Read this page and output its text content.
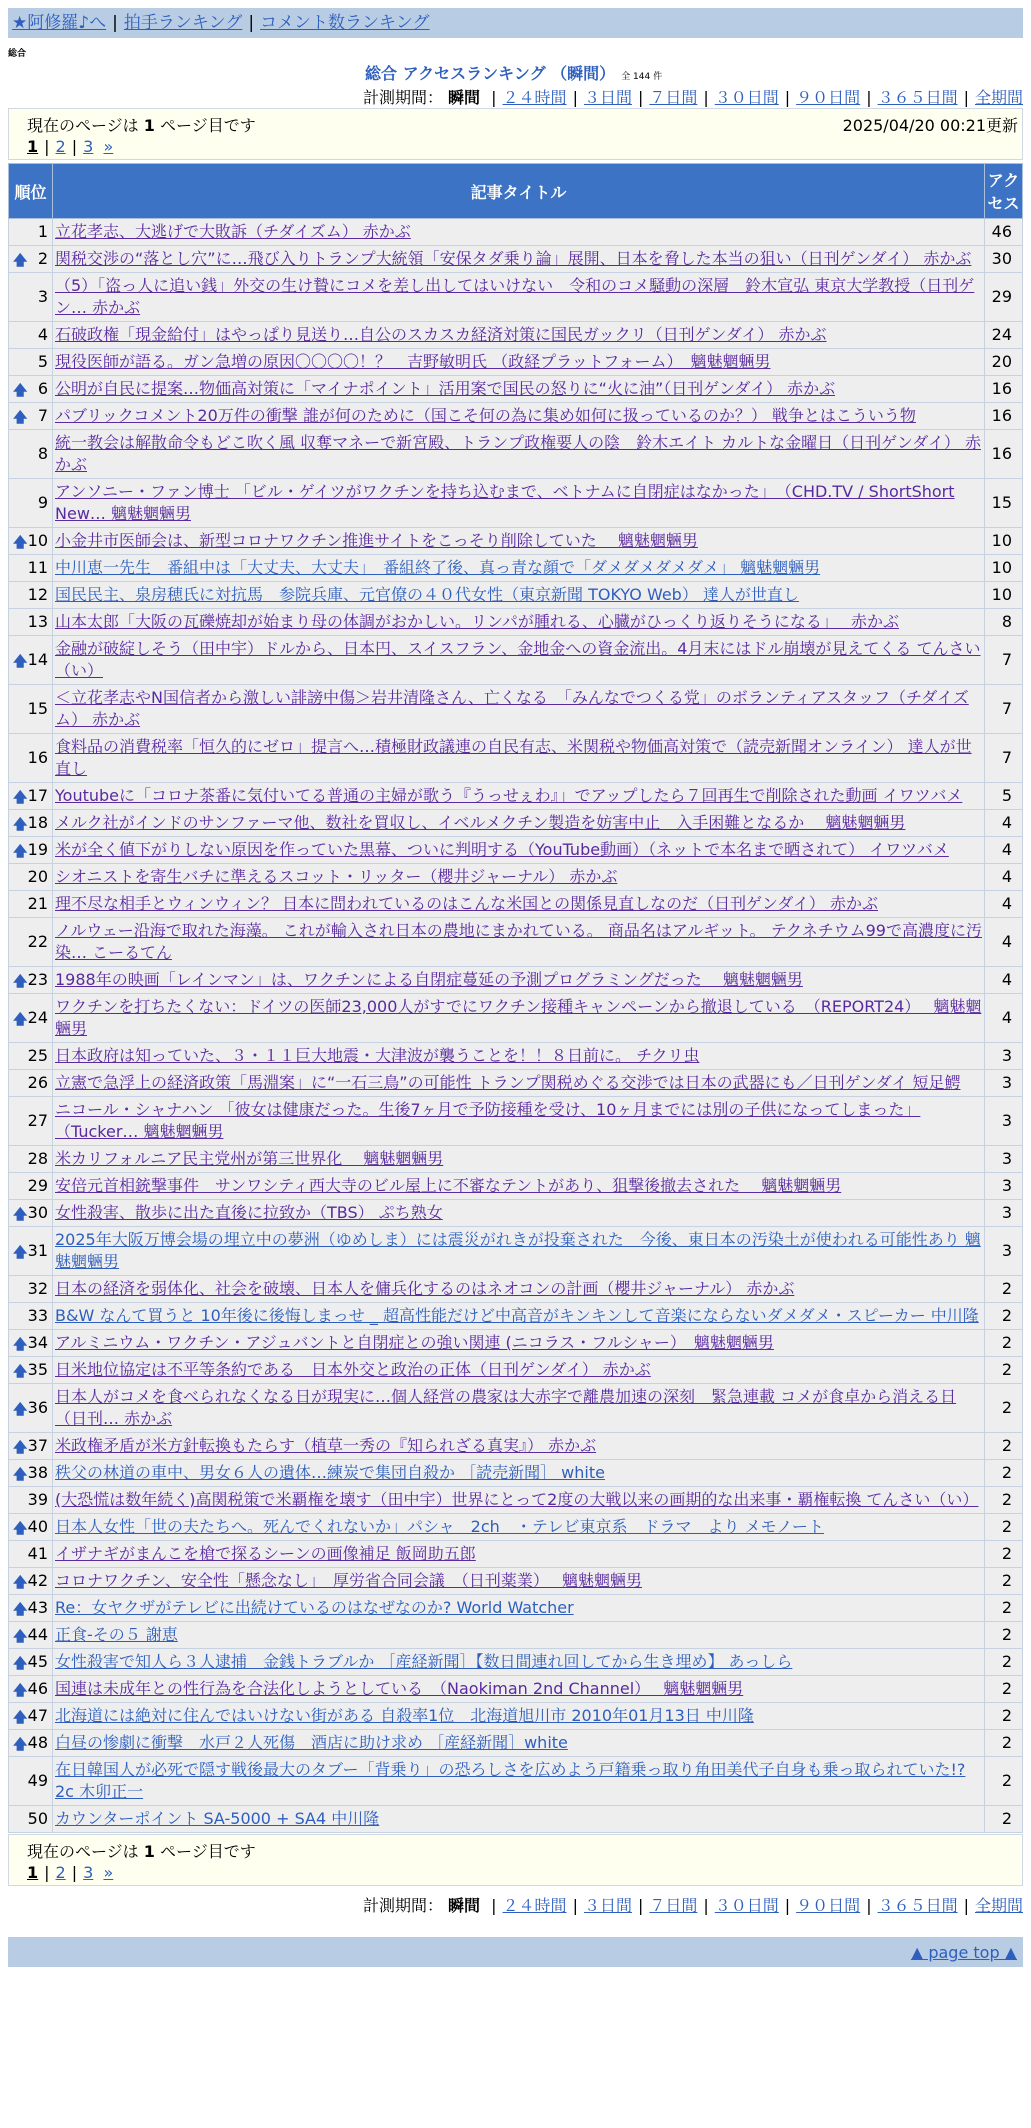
★阿修羅♪へ | 拍手ランキング | コメント数ランキング
総合
総合 アクセスランキング （瞬間） 全 144 件
計測期間： 瞬間 | ２４時間 | ３日間 | ７日間 | ３０日間 | ９０日間 | ３６５日間 | 全期間
現在のページは 1 ページ目です	2025/04/20 00:21更新
1 | 2 | 3 »
順位	記事タイトル	アクセス
1	立花孝志、大逃げで大敗訴（チダイズム） 赤かぶ	46

🡅 2	関税交渉の“落とし穴”に…飛び入りトランプ大統領「安保タダ乗り論」展開、日本を脅した本当の狙い（日刊ゲンダイ） 赤かぶ	30
3	（5）「盗っ人に追い銭」外交の生け贄にコメを差し出してはいけない　令和のコメ騒動の深層　鈴木宣弘 東京大学教授（日刊ゲン… 赤かぶ	29
4	石破政権「現金給付」はやっぱり見送り…自公のスカスカ経済対策に国民ガックリ（日刊ゲンダイ） 赤かぶ	24
5	現役医師が語る。ガン急増の原因〇〇〇〇！？　吉野敏明氏 （政経プラットフォーム）　魑魅魍魎男	20

🡅 6	公明が自民に提案…物価高対策に「マイナポイント」活用案で国民の怒りに“火に油”（日刊ゲンダイ） 赤かぶ	16

🡅 7	パブリックコメント20万件の衝撃 誰が何のために（国こそ何の為に集め如何に扱っているのか？） 戦争とはこういう物	16
8	統一教会は解散命令もどこ吹く風 収奪マネーで新宮殿、トランプ政権要人の陰　鈴木エイト カルトな金曜日（日刊ゲンダイ） 赤かぶ	16
9	アンソニー・ファン博士 「ビル・ゲイツがワクチンを持ち込むまで、ベトナムに自閉症はなかった」　（CHD.TV / ShortShort New… 魑魅魍魎男	15

🡅 10	小金井市医師会は、新型コロナワクチン推進サイトをこっそり削除していた　 魑魅魍魎男	10
11	中川恵一先生　番組中は「大丈夫、大丈夫」　番組終了後、真っ青な顔で「ダメダメダメダメ」 魑魅魍魎男	10
12	国民民主、泉房穂氏に対抗馬　参院兵庫、元官僚の４０代女性（東京新聞 TOKYO Web） 達人が世直し	10
13	山本太郎「大阪の瓦礫焼却が始まり母の体調がおかしい。リンパが腫れる、心臓がひっくり返りそうになる」　 赤かぶ	8

🡅 14	金融が破綻しそう（田中宇）ドルから、日本円、スイスフラン、金地金への資金流出。4月末にはドル崩壊が見えてくる てんさい（い）	7
15	＜立花孝志やN国信者から激しい誹謗中傷＞岩井清隆さん、亡くなる　「みんなでつくる党」のボランティアスタッフ（チダイズム） 赤かぶ	7
16	食料品の消費税率「恒久的にゼロ」提言へ…積極財政議連の自民有志、米関税や物価高対策で（読売新聞オンライン） 達人が世直し	7

🡅 17	Youtubeに「コロナ茶番に気付いてる普通の主婦が歌う『うっせぇわ』」でアップしたら７回再生で削除された動画 イワツバメ	5

🡅 18	メルク社がインドのサンファーマ他、数社を買収し、イベルメクチン製造を妨害中止　入手困難となるか　 魑魅魍魎男	4

🡅 19	米が全く値下がりしない原因を作っていた黒幕、ついに判明する（YouTube動画）（ネットで本名まで晒されて） イワツバメ	4
20	シオニストを寄生バチに準えるスコット・リッター（櫻井ジャーナル） 赤かぶ	4
21	理不尽な相手とウィンウィン？ 日本に問われているのはこんな米国との関係見直しなのだ（日刊ゲンダイ） 赤かぶ	4
22	ノルウェー沿海で取れた海藻。 これが輸入され日本の農地にまかれている。 商品名はアルギット。 テクネチウム99で高濃度に汚染… こーるてん	4

🡅 23	1988年の映画「レインマン」は、ワクチンによる自閉症蔓延の予測プログラミングだった　 魑魅魍魎男	4

🡅 24	ワクチンを打ちたくない：ドイツの医師23,000人がすでにワクチン接種キャンペーンから撤退している　（REPORT24）　 魑魅魍魎男	4
25	日本政府は知っていた、３・１１巨大地震・大津波が襲うことを！！８日前に。 チクリ虫	3
26	立憲で急浮上の経済政策「馬淵案」に“一石三鳥”の可能性 トランプ関税めぐる交渉では日本の武器にも／日刊ゲンダイ 短足鰐	3
27	ニコール・シャナハン 「彼女は健康だった。生後7ヶ月で予防接種を受け、10ヶ月までには別の子供になってしまった」（Tucker… 魑魅魍魎男	3
28	米カリフォルニア民主党州が第三世界化　 魑魅魍魎男	3
29	安倍元首相銃撃事件　サンワシティ西大寺のビル屋上に不審なテントがあり、狙撃後撤去された　 魑魅魍魎男	3

🡅 30	女性殺害、散歩に出た直後に拉致か（TBS） ぷち熟女	3

🡅 31	2025年大阪万博会場の埋立中の夢洲（ゆめしま）には震災がれきが投棄された　今後、東日本の汚染土が使われる可能性あり 魑魅魍魎男	3
32	日本の経済を弱体化、社会を破壊、日本人を傭兵化するのはネオコンの計画（櫻井ジャーナル） 赤かぶ	2
33	B&W なんて買うと 10年後に後悔しまっせ _ 超高性能だけど中高音がキンキンして音楽にならないダメダメ・スピーカー 中川隆	2

🡅 34	アルミニウム・ワクチン・アジュバントと自閉症との強い関連 (ニコラス・フルシャー）　魑魅魍魎男	2

🡅 35	日米地位協定は不平等条約である　日本外交と政治の正体（日刊ゲンダイ） 赤かぶ	2

🡅 36	日本人がコメを食べられなくなる日が現実に…個人経営の農家は大赤字で離農加速の深刻　緊急連載 コメが食卓から消える日（日刊… 赤かぶ	2

🡅 37	米政権矛盾が米方針転換もたらす（植草一秀の『知られざる真実』） 赤かぶ	2

🡅 38	秩父の林道の車中、男女６人の遺体…練炭で集団自殺か ［読売新聞］ white	2
39	(大恐慌は数年続く)高関税策で米覇権を壊す（田中宇）世界にとって2度の大戦以来の画期的な出来事・覇権転換 てんさい（い）	2

🡅 40	日本人女性「世の夫たちへ。死んでくれないか」パシャ　2ch　・テレビ東京系　ドラマ　より メモノート	2
41	イザナギがまんこを槍で探るシーンの画像補足 飯岡助五郎	2

🡅 42	コロナワクチン、安全性「懸念なし」　厚労省合同会議　（日刊薬業）　 魑魅魍魎男	2

🡅 43	Re：女ヤクザがテレビに出続けているのはなぜなのか? World Watcher	2

🡅 44	正食-その５ 謝恵	2

🡅 45	女性殺害で知人ら３人逮捕　金銭トラブルか ［産経新聞］【数日間連れ回してから生き埋め】 あっしら	2

🡅 46	国連は未成年との性行為を合法化しようとしている　（Naokiman 2nd Channel）　 魑魅魍魎男	2

🡅 47	北海道には絶対に住んではいけない街がある 自殺率1位　北海道旭川市 2010年01月13日 中川隆	2

🡅 48	白昼の惨劇に衝撃　水戸２人死傷　酒店に助け求め ［産経新聞］white	2
49	在日韓国人が必死で隠す戦後最大のタブー「背乗り」の恐ろしさを広めよう戸籍乗っ取り角田美代子自身も乗っ取られていた!? 2c 木卯正一	2
50	カウンターポイント SA-5000 + SA4 中川隆	2
現在のページは 1 ページ目です
1 | 2 | 3 »
計測期間： 瞬間 | ２４時間 | ３日間 | ７日間 | ３０日間 | ９０日間 | ３６５日間 | 全期間
▲ page top ▲
